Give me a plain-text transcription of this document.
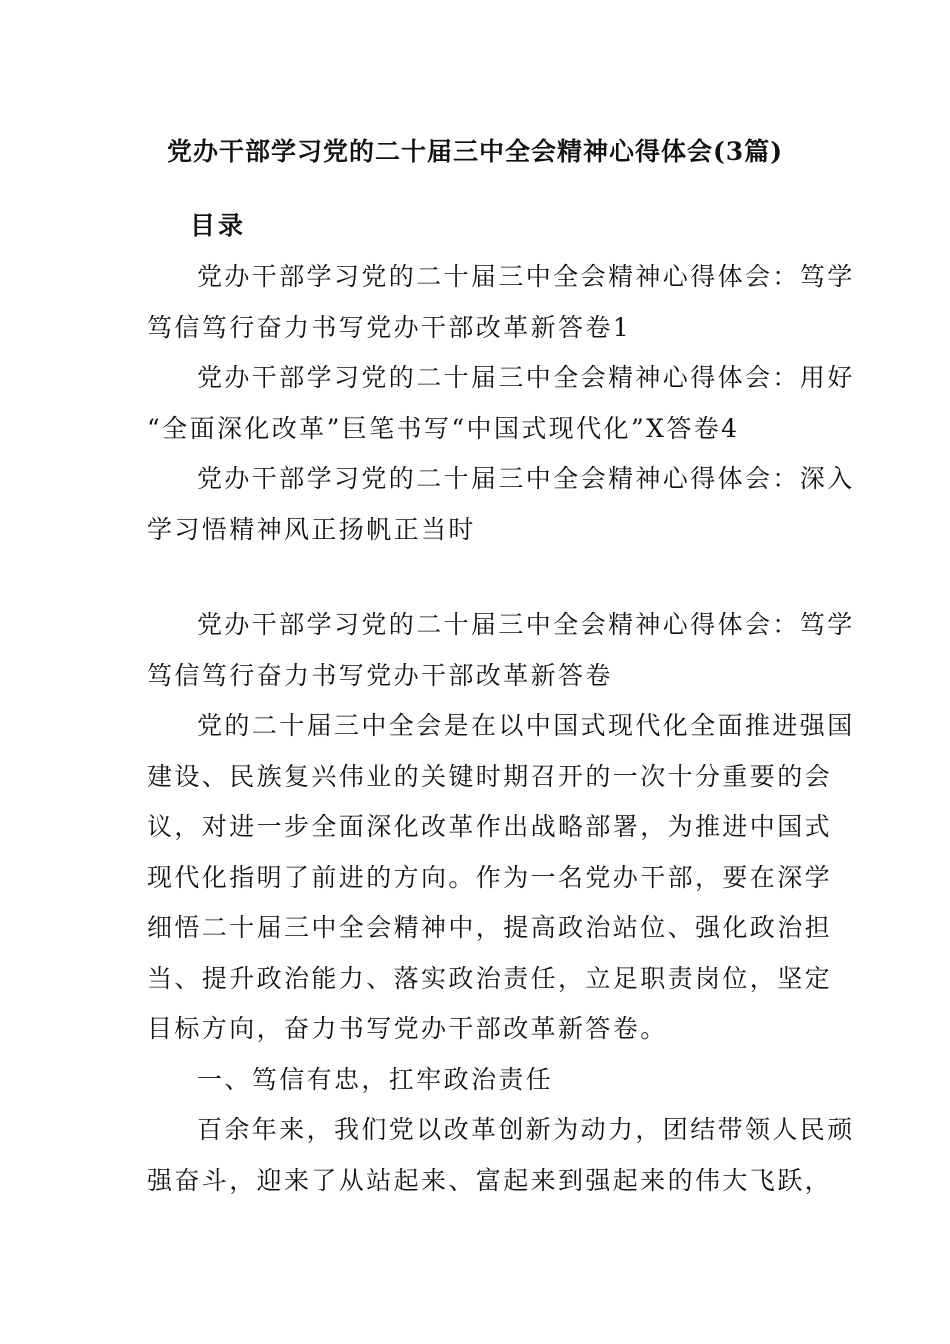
党办干部学习党的二十届三中全会精神心得体会(3篇)
目录

党办干部学习党的二十届三中全会精神心得体会：笃学
笃信笃行奋力书写党办干部改革新答卷1

党办干部学习党的二十届三中全会精神心得体会：用好
“全面深化改革”巨笔书写“中国式现代化”X答卷4

党办干部学习党的二十届三中全会精神心得体会：深入
学习悟精神风正扬帆正当时

党办干部学习党的二十届三中全会精神心得体会：笃学
笃信笃行奋力书写党办干部改革新答卷

党的二十届三中全会是在以中国式现代化全面推进强国
建设、民族复兴伟业的关键时期召开的一次十分重要的会
议，对进一步全面深化改革作出战略部署，为推进中国式
现代化指明了前进的方向。作为一名党办干部，要在深学
细悟二十届三中全会精神中，提高政治站位、强化政治担
当、提升政治能力、落实政治责任，立足职责岗位，坚定
目标方向，奋力书写党办干部改革新答卷。

一、笃信有忠，扛牢政治责任

百余年来，我们党以改革创新为动力，团结带领人民顽
强奋斗，迎来了从站起来、富起来到强起来的伟大飞跃，
